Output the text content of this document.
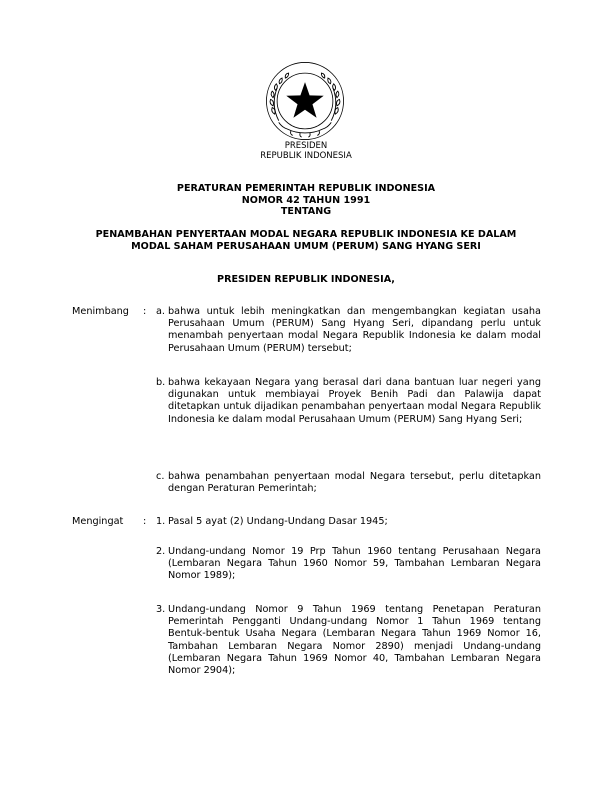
PRESIDEN
REPUBLIK INDONESIA
PERATURAN PEMERINTAH REPUBLIK INDONESIA
NOMOR 42 TAHUN 1991
TENTANG
PENAMBAHAN PENYERTAAN MODAL NEGARA REPUBLIK INDONESIA KE DALAM
MODAL SAHAM PERUSAHAAN UMUM (PERUM) SANG HYANG SERI
PRESIDEN REPUBLIK INDONESIA,
Menimbang : a. bahwa untuk lebih meningkatkan dan mengembangkan kegiatan usaha Perusahaan Umum (PERUM) Sang Hyang Seri, dipandang perlu untuk menambah penyertaan modal Negara Republik Indonesia ke dalam modal Perusahaan Umum (PERUM) tersebut;
b. bahwa kekayaan Negara yang berasal dari dana bantuan luar negeri yang digunakan untuk membiayai Proyek Benih Padi dan Palawija dapat ditetapkan untuk dijadikan penambahan penyertaan modal Negara Republik Indonesia ke dalam modal Perusahaan Umum (PERUM) Sang Hyang Seri;
c. bahwa penambahan penyertaan modal Negara tersebut, perlu ditetapkan dengan Peraturan Pemerintah;
Mengingat : 1. Pasal 5 ayat (2) Undang-Undang Dasar 1945;
2. Undang-undang Nomor 19 Prp Tahun 1960 tentang Perusahaan Negara (Lembaran Negara Tahun 1960 Nomor 59, Tambahan Lembaran Negara Nomor 1989);
3. Undang-undang Nomor 9 Tahun 1969 tentang Penetapan Peraturan Pemerintah Pengganti Undang-undang Nomor 1 Tahun 1969 tentang Bentuk-bentuk Usaha Negara (Lembaran Negara Tahun 1969 Nomor 16, Tambahan Lembaran Negara Nomor 2890) menjadi Undang-undang (Lembaran Negara Tahun 1969 Nomor 40, Tambahan Lembaran Negara Nomor 2904);
